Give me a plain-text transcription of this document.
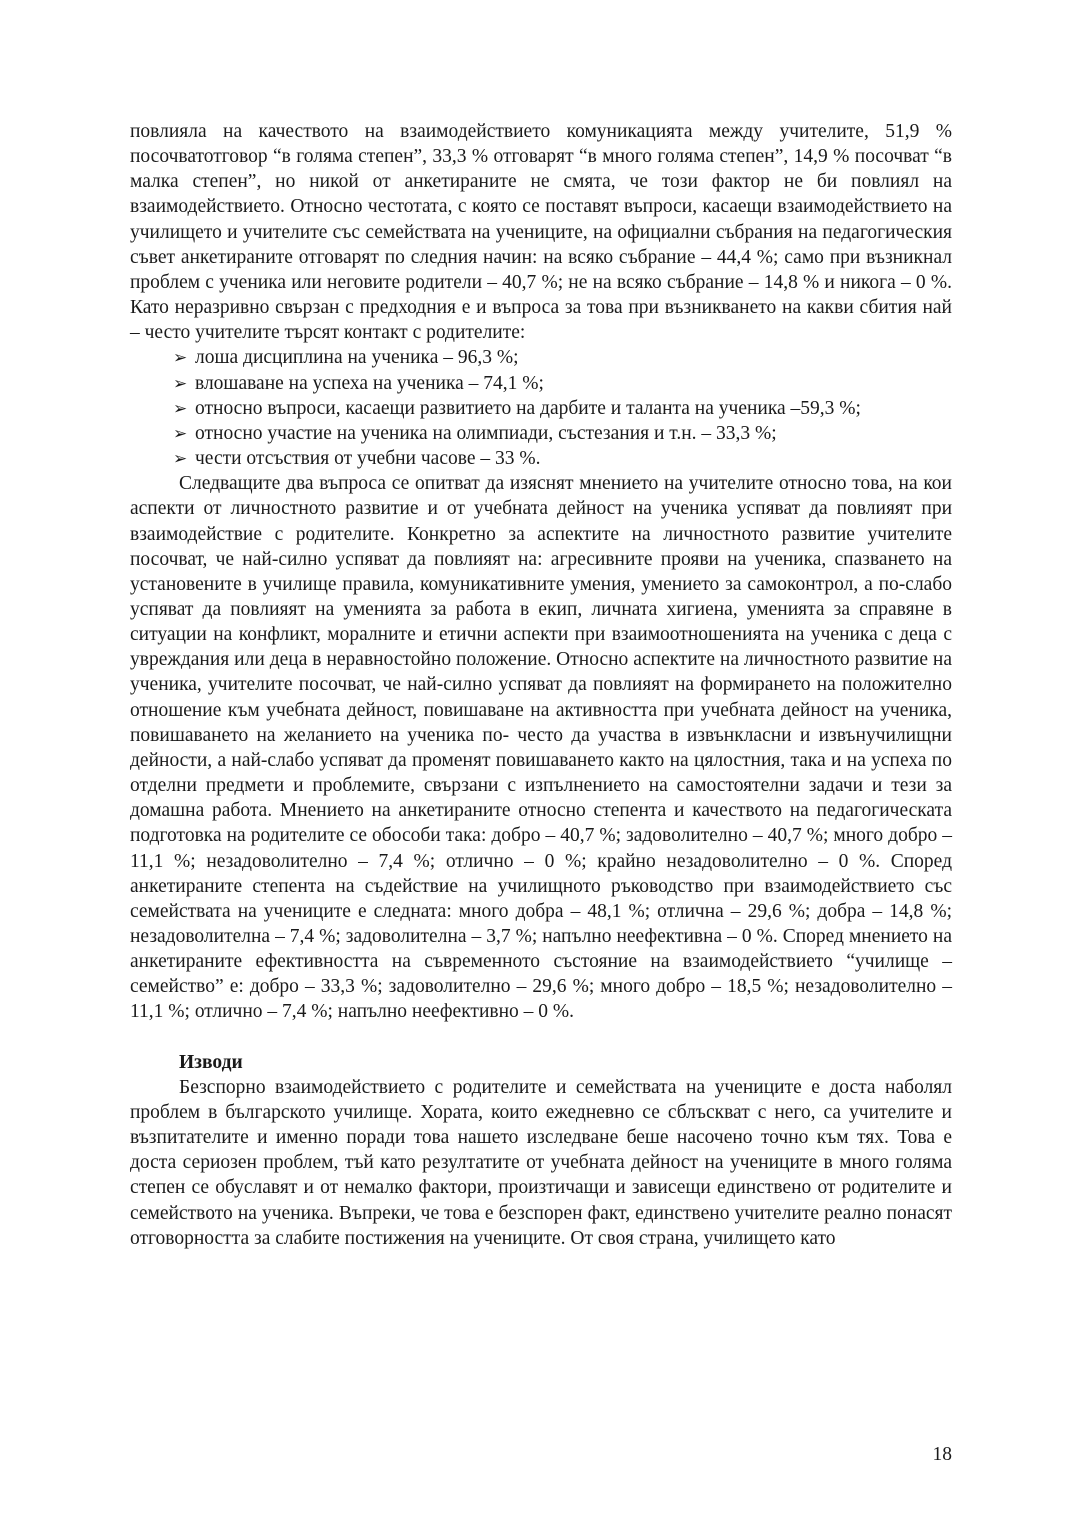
повлияла на качеството на взаимодействието комуникацията между учителите, 51,9 % посочватотговор “в голяма степен”, 33,3 % отговарят “в много голяма степен”, 14,9 % посочват “в малка степен”, но никой от анкетираните не смята, че този фактор не би повлиял на взаимодействието. Относно честотата, с която се поставят въпроси, касаещи взаимодействието на училището и учителите със семействата на учениците, на официални събрания на педагогическия съвет анкетираните отговарят по следния начин: на всяко събрание – 44,4 %; само при възникнал проблем с ученика или неговите родители – 40,7 %; не на всяко събрание – 14,8 % и никога – 0 %. Като неразривно свързан с предходния е и въпроса за това при възникването на какви сбития най – често учителите търсят контакт с родителите:

➢ лоша дисциплина на ученика – 96,3 %;
➢ влошаване на успеха на ученика – 74,1 %;
➢ относно въпроси, касаещи развитието на дарбите и таланта на ученика –59,3 %;
➢ относно участие на ученика на олимпиади, състезания и т.н. – 33,3 %;
➢ чести отсъствия от учебни часове – 33 %.

Следващите два въпроса се опитват да изяснят мнението на учителите относно това, на кои аспекти от личностното развитие и от учебната дейност на ученика успяват да повлияят при взаимодействие с родителите. Конкретно за аспектите на личностното развитие учителите посочват, че най-силно успяват да повлияят на: агресивните прояви на ученика, спазването на установените в училище правила, комуникативните умения, умението за самоконтрол, а по-слабо успяват да повлияят на уменията за работа в екип, личната хигиена, уменията за справяне в ситуации на конфликт, моралните и етични аспекти при взаимоотношенията на ученика с деца с увреждания или деца в неравностойно положение. Относно аспектите на личностното развитие на ученика, учителите посочват, че най-силно успяват да повлияят на формирането на положително отношение към учебната дейност, повишаване на активността при учебната дейност на ученика, повишаването на желанието на ученика по- често да участва в извънкласни и извънучилищни дейности, а най-слабо успяват да променят повишаването както на цялостния, така и на успеха по отделни предмети и проблемите, свързани с изпълнението на самостоятелни задачи и тези за домашна работа. Мнението на анкетираните относно степента и качеството на педагогическата подготовка на родителите се обособи така: добро – 40,7 %; задоволително – 40,7 %; много добро – 11,1 %; незадоволително – 7,4 %; отлично – 0 %; крайно незадоволително – 0 %. Според анкетираните степента на съдействие на училищното ръководство при взаимодействието със семействата на учениците е следната: много добра – 48,1 %; отлична – 29,6 %; добра – 14,8 %; незадоволителна – 7,4 %; задоволителна – 3,7 %; напълно неефективна – 0 %. Според мнението на анкетираните ефективността на съвременното състояние на взаимодействието “училище – семейство” е: добро – 33,3 %; задоволително – 29,6 %; много добро – 18,5 %; незадоволително – 11,1 %; отлично – 7,4 %; напълно неефективно – 0 %.

Изводи

Безспорно взаимодействието с родителите и семействата на учениците е доста наболял проблем в българското училище. Хората, които ежедневно се сблъскват с него, са учителите и възпитателите и именно поради това нашето изследване беше насочено точно към тях. Това е доста сериозен проблем, тъй като резултатите от учебната дейност на учениците в много голяма степен се обуславят и от немалко фактори, произтичащи и зависещи единствено от родителите и семейството на ученика. Въпреки, че това е безспорен факт, единствено учителите реално понасят отговорността за слабите постижения на учениците. От своя страна, училището като

18
